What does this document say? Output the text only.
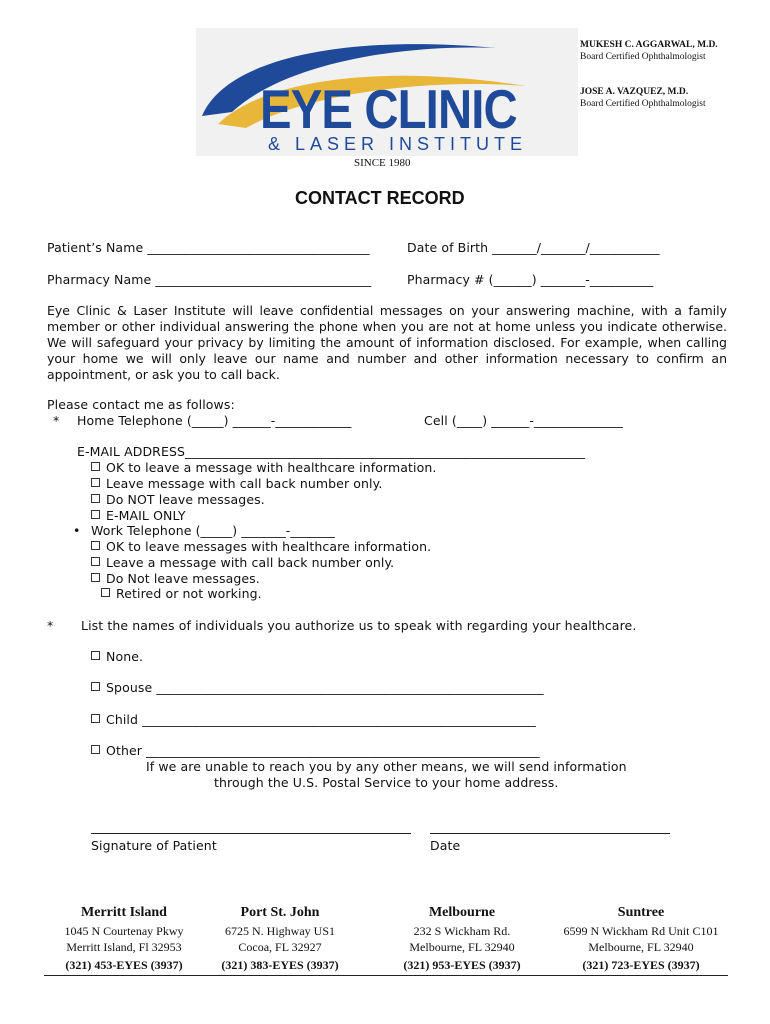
EYE CLINIC
& LASER INSTITUTE
SINCE 1980
MUKESH C. AGGARWAL, M.D.
Board Certified Ophthalmologist
JOSE A. VAZQUEZ, M.D.
Board Certified Ophthalmologist
CONTACT RECORD
Patient’s Name ___________________________________	Date of Birth _______/_______/___________
Pharmacy Name __________________________________	Pharmacy # (______) _______-__________
Eye Clinic & Laser Institute will leave confidential messages on your answering machine, with a family member or other individual answering the phone when you are not at home unless you indicate otherwise. We will safeguard your privacy by limiting the amount of information disclosed. For example, when calling your home we will only leave our name and number and other information necessary to confirm an appointment, or ask you to call back.
Please contact me as follows:
* Home Telephone (_____) ______-____________	Cell (____) ______-______________
E-MAIL ADDRESS_______________________________________________________________
OK to leave a message with healthcare information.
Leave message with call back number only.
Do NOT leave messages.
E-MAIL ONLY
• Work Telephone (_____) _______-_______
OK to leave messages with healthcare information.
Leave a message with call back number only.
Do Not leave messages.
Retired or not working.
* List the names of individuals you authorize us to speak with regarding your healthcare.
None.
Spouse _____________________________________________________________
Child ______________________________________________________________
Other ______________________________________________________________
If we are unable to reach you by any other means, we will send information
through the U.S. Postal Service to your home address.
Signature of Patient	Date
Merritt Island
1045 N Courtenay Pkwy
Merritt Island, Fl 32953
(321) 453-EYES (3937)
Port St. John
6725 N. Highway US1
Cocoa, FL 32927
(321) 383-EYES (3937)
Melbourne
232 S Wickham Rd.
Melbourne, FL 32940
(321) 953-EYES (3937)
Suntree
6599 N Wickham Rd Unit C101
Melbourne, FL 32940
(321) 723-EYES (3937)
